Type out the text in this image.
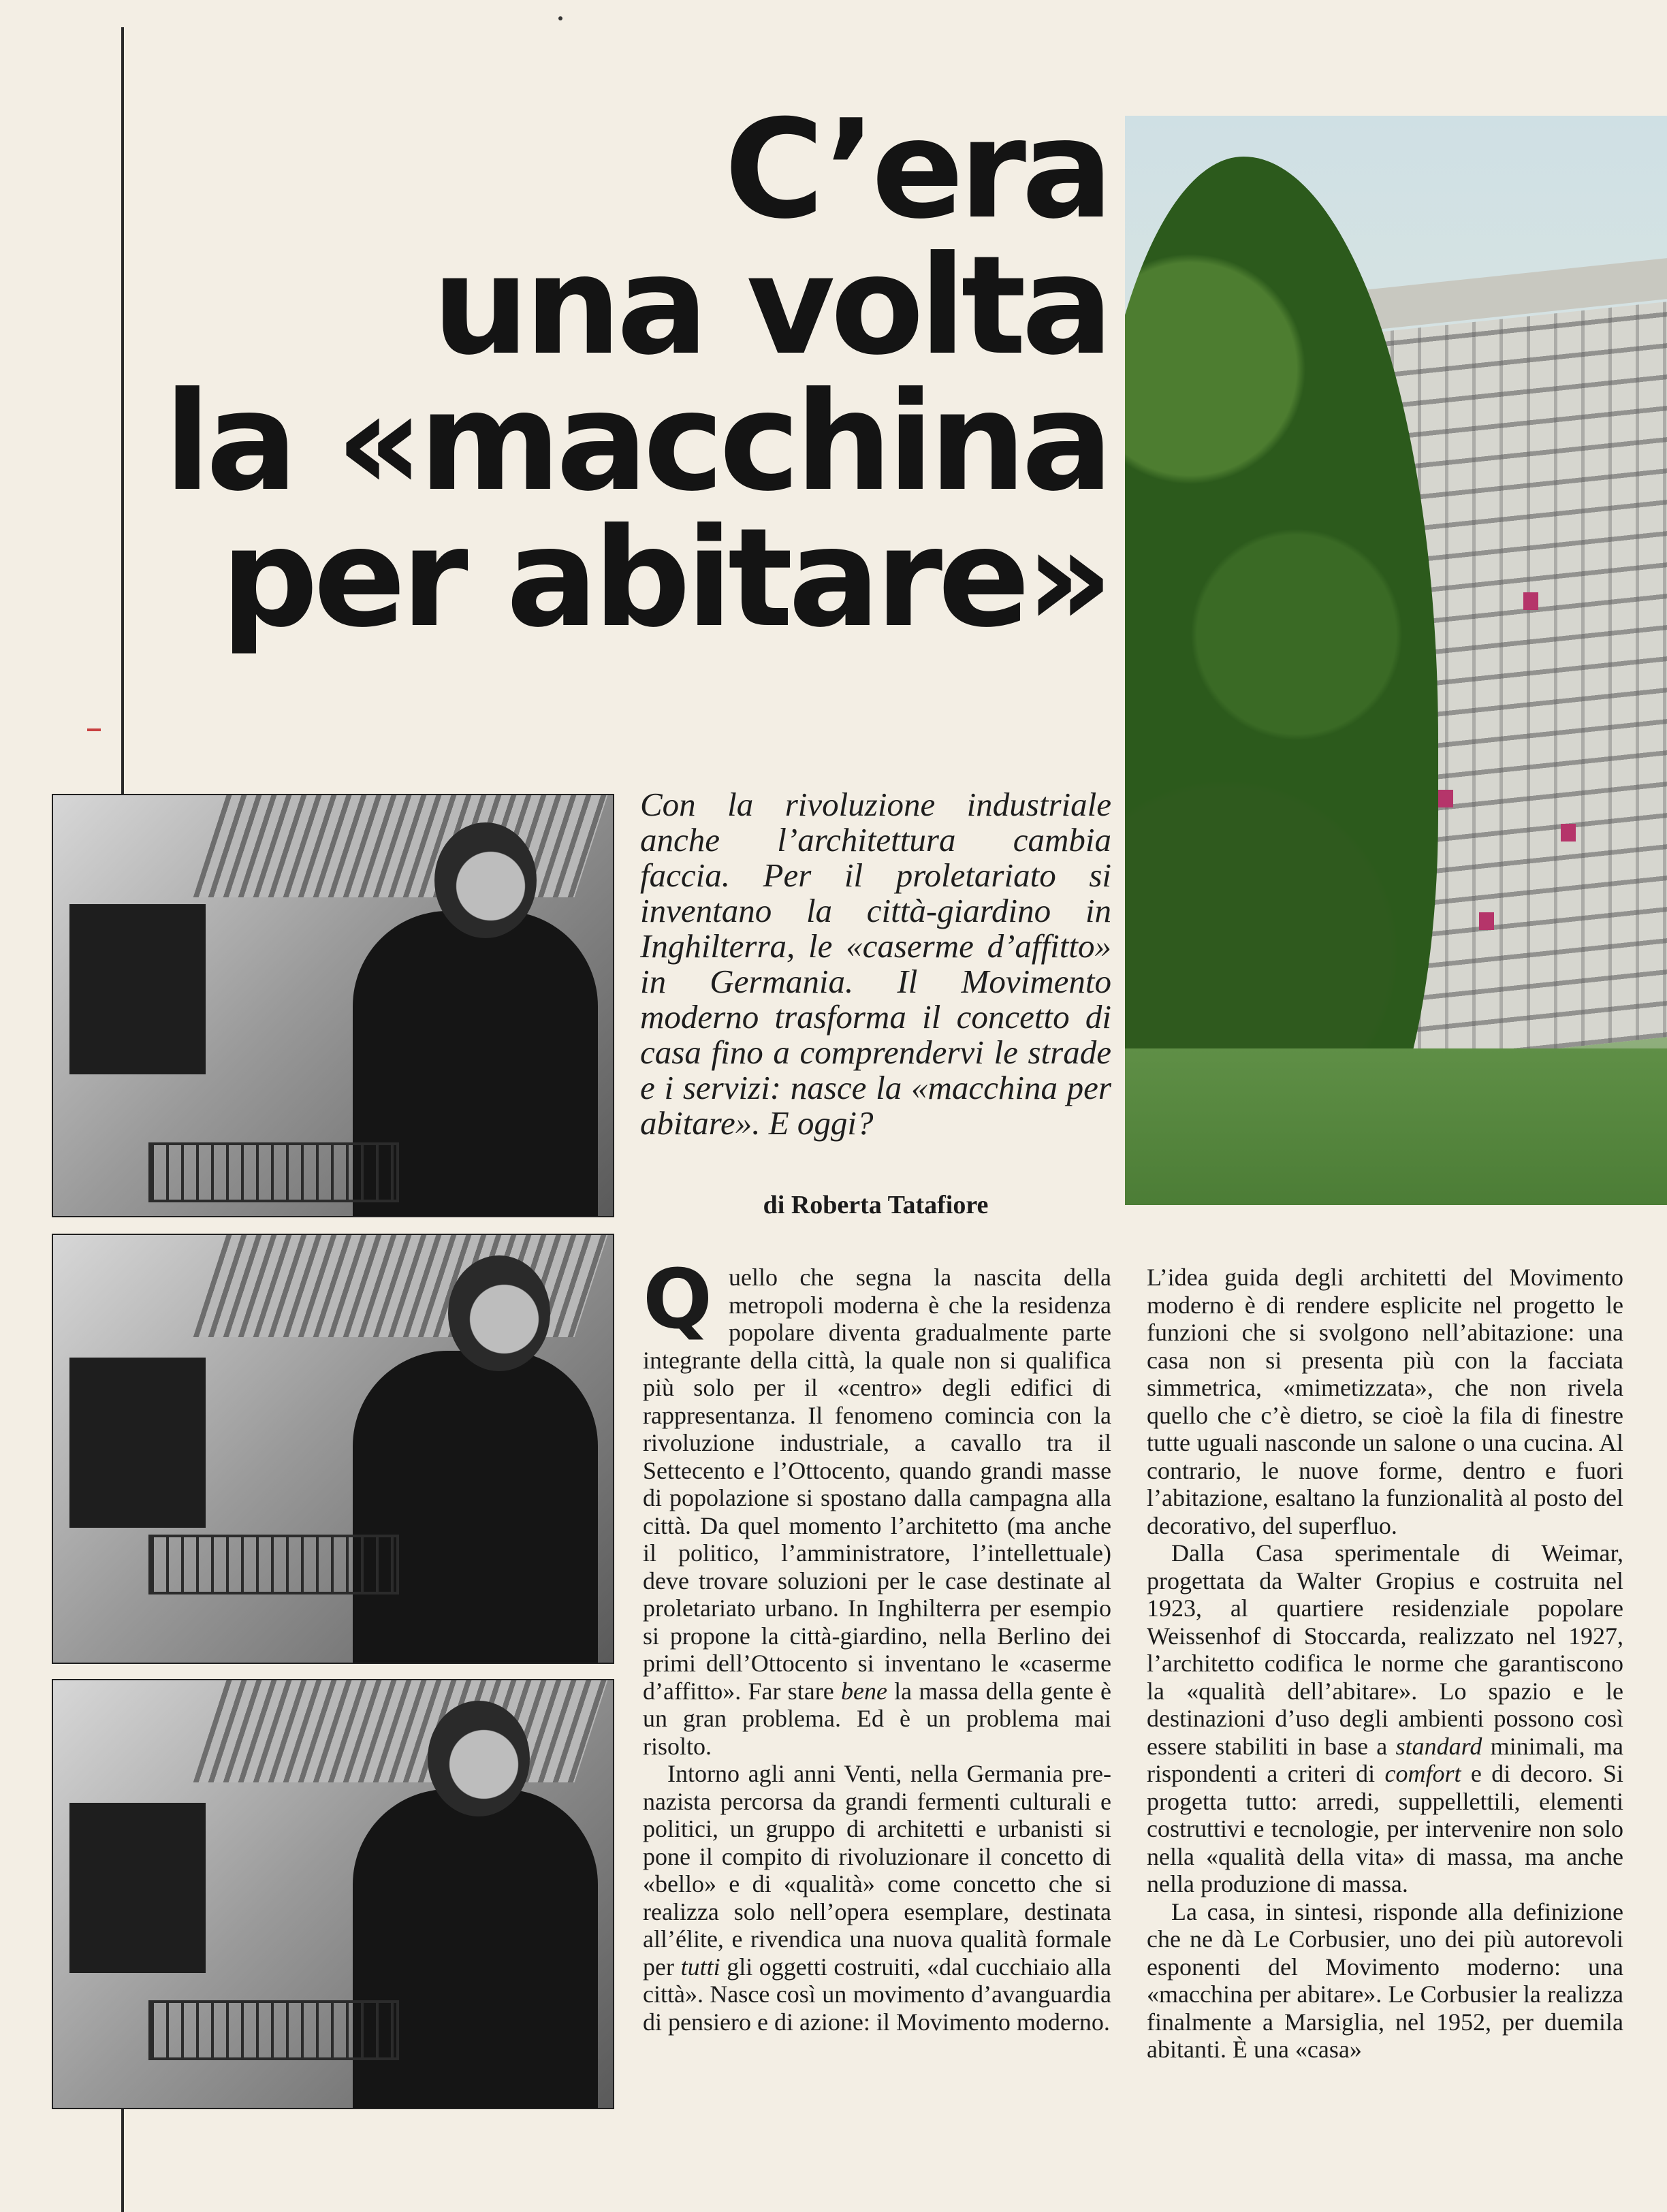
C’era
una volta
la «macchina
per abitare»

Con la rivoluzione industriale anche l’architettura cambia faccia. Per il proletariato si inventano la città-giardino in Inghilterra, le «caserme d’affitto» in Germania. Il Movimento moderno trasforma il concetto di casa fino a comprendervi le strade e i servizi: nasce la «macchina per abitare». E oggi?

di Roberta Tatafiore

Quello che segna la nascita della metropoli moderna è che la residenza popolare diventa gradualmente parte integrante della città, la quale non si qualifica più solo per il «centro» degli edifici di rappresentanza. Il fenomeno comincia con la rivoluzione industriale, a cavallo tra il Settecento e l’Ottocento, quando grandi masse di popolazione si spostano dalla campagna alla città. Da quel momento l’architetto (ma anche il politico, l’amministratore, l’intellettuale) deve trovare soluzioni per le case destinate al proletariato urbano. In Inghilterra per esempio si propone la città-giardino, nella Berlino dei primi dell’Ottocento si inventano le «caserme d’affitto». Far stare bene la massa della gente è un gran problema. Ed è un problema mai risolto.

Intorno agli anni Venti, nella Germania pre-nazista percorsa da grandi fermenti culturali e politici, un gruppo di architetti e urbanisti si pone il compito di rivoluzionare il concetto di «bello» e di «qualità» come concetto che si realizza solo nell’opera esemplare, destinata all’élite, e rivendica una nuova qualità formale per tutti gli oggetti costruiti, «dal cucchiaio alla città». Nasce così un movimento d’avanguardia di pensiero e di azione: il Movimento moderno.

L’idea guida degli architetti del Movimento moderno è di rendere esplicite nel progetto le funzioni che si svolgono nell’abitazione: una casa non si presenta più con la facciata simmetrica, «mimetizzata», che non rivela quello che c’è dietro, se cioè la fila di finestre tutte uguali nasconde un salone o una cucina. Al contrario, le nuove forme, dentro e fuori l’abitazione, esaltano la funzionalità al posto del decorativo, del superfluo.

Dalla Casa sperimentale di Weimar, progettata da Walter Gropius e costruita nel 1923, al quartiere residenziale popolare Weissenhof di Stoccarda, realizzato nel 1927, l’architetto codifica le norme che garantiscono la «qualità dell’abitare». Lo spazio e le destinazioni d’uso degli ambienti possono così essere stabiliti in base a standard minimali, ma rispondenti a criteri di comfort e di decoro. Si progetta tutto: arredi, suppellettili, elementi costruttivi e tecnologie, per intervenire non solo nella «qualità della vita» di massa, ma anche nella produzione di massa.

La casa, in sintesi, risponde alla definizione che ne dà Le Corbusier, uno dei più autorevoli esponenti del Movimento moderno: una «macchina per abitare». Le Corbusier la realizza finalmente a Marsiglia, nel 1952, per duemila abitanti. È una «casa»
